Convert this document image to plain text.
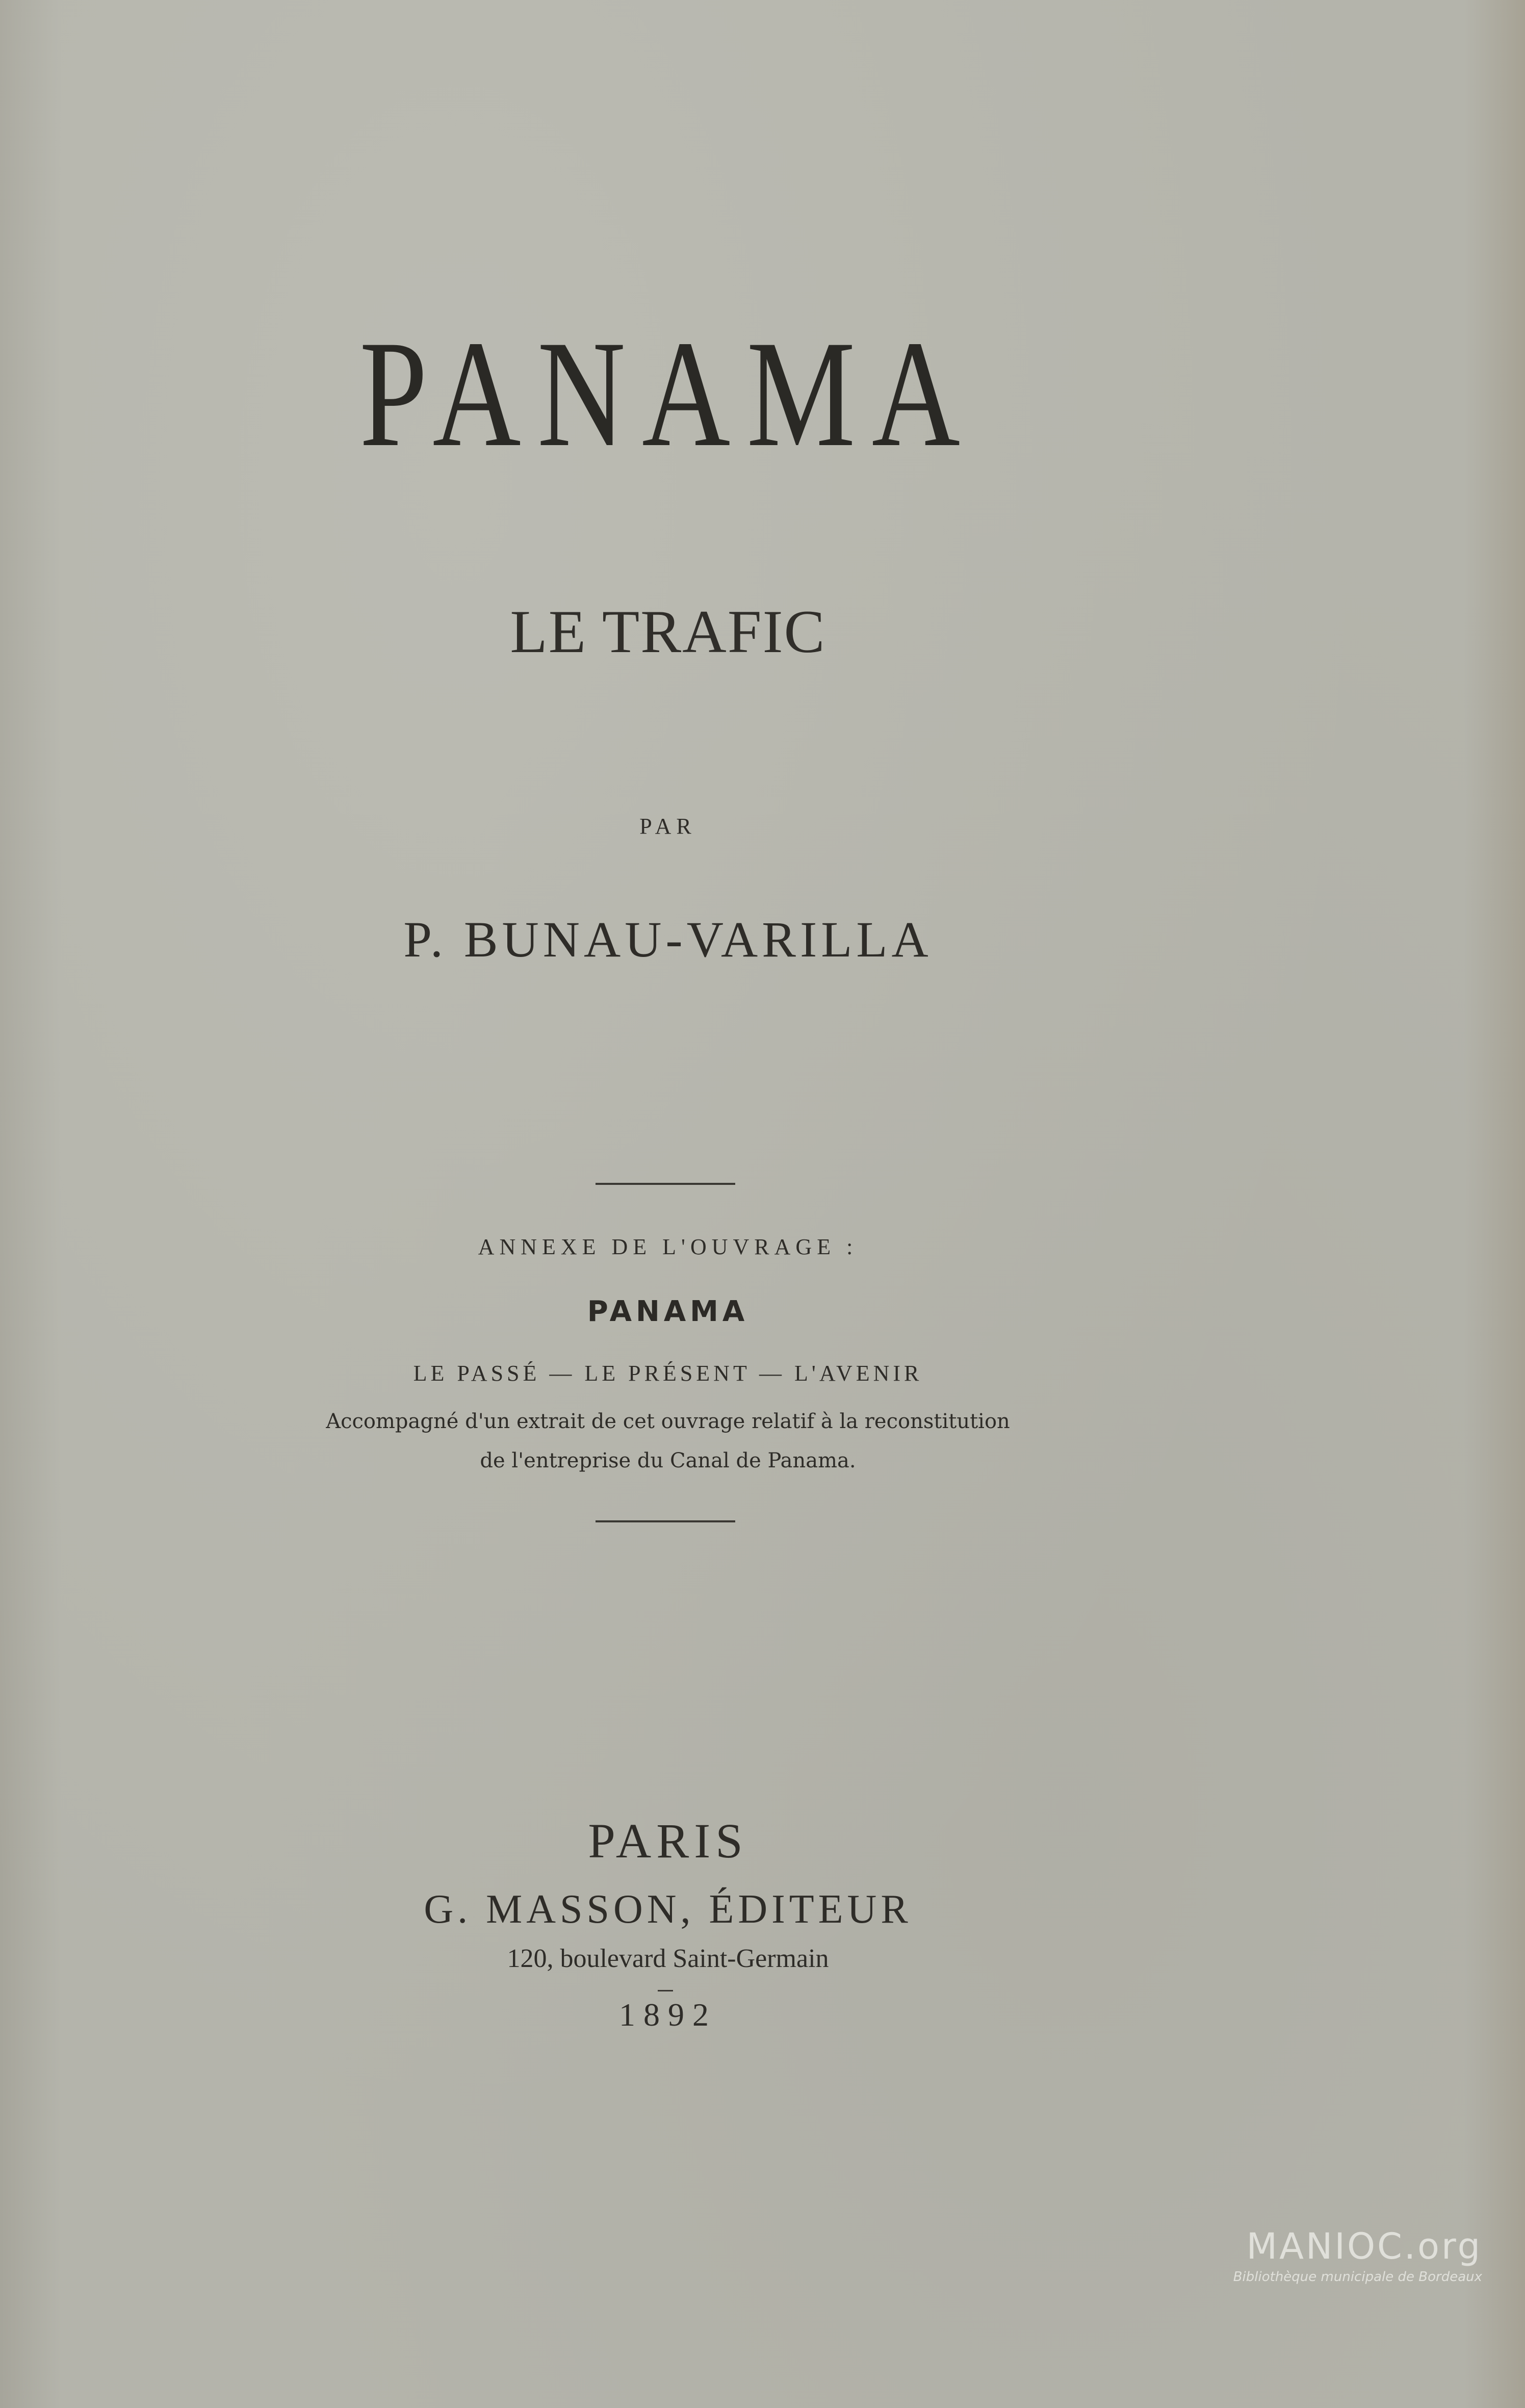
PANAMA
LE TRAFIC
PAR
P. BUNAU-VARILLA
ANNEXE DE L'OUVRAGE :
PANAMA
LE PASSÉ — LE PRÉSENT — L'AVENIR
Accompagné d'un extrait de cet ouvrage relatif à la reconstitution
de l'entreprise du Canal de Panama.
PARIS
G. MASSON, ÉDITEUR
120, boulevard Saint-Germain
1892
MANIOC.org
Bibliothèque municipale de Bordeaux
